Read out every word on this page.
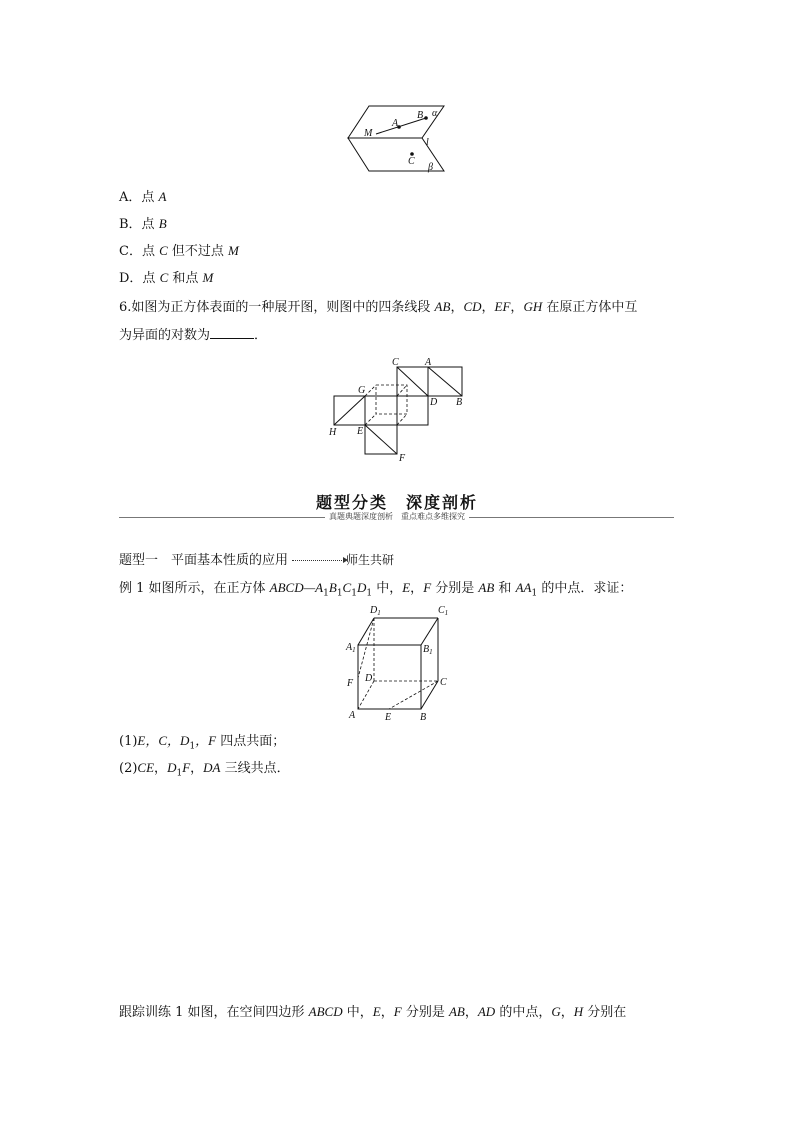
M
A
B α
l
C
β
A．点 A
B．点 B
C．点 C 但不过点 M
D．点 C 和点 M
6.如图为正方体表面的一种展开图，则图中的四条线段 AB，CD，EF，GH 在原正方体中互
为异面的对数为	．
C	A
G
D B
H E
F
题型分类　深度剖析
真题典题深度剖析　重点难点多维探究
题型一　平面基本性质的应用	师生共研
例 1 如图所示，在正方体 $ABCD—A_1B_1C_1D_1$ 中，E，F 分别是 AB 和 $AA_1$ 的中点．求证：
$D_1$	$C_1$
$A_1$	$B_1$
D	C
F
A	E	B
(1)E，C，$D_1$，F 四点共面；
(2)CE，$D_1F$，DA 三线共点．
跟踪训练 1 如图，在空间四边形 ABCD 中，E，F 分别是 AB，AD 的中点，G，H 分别在
